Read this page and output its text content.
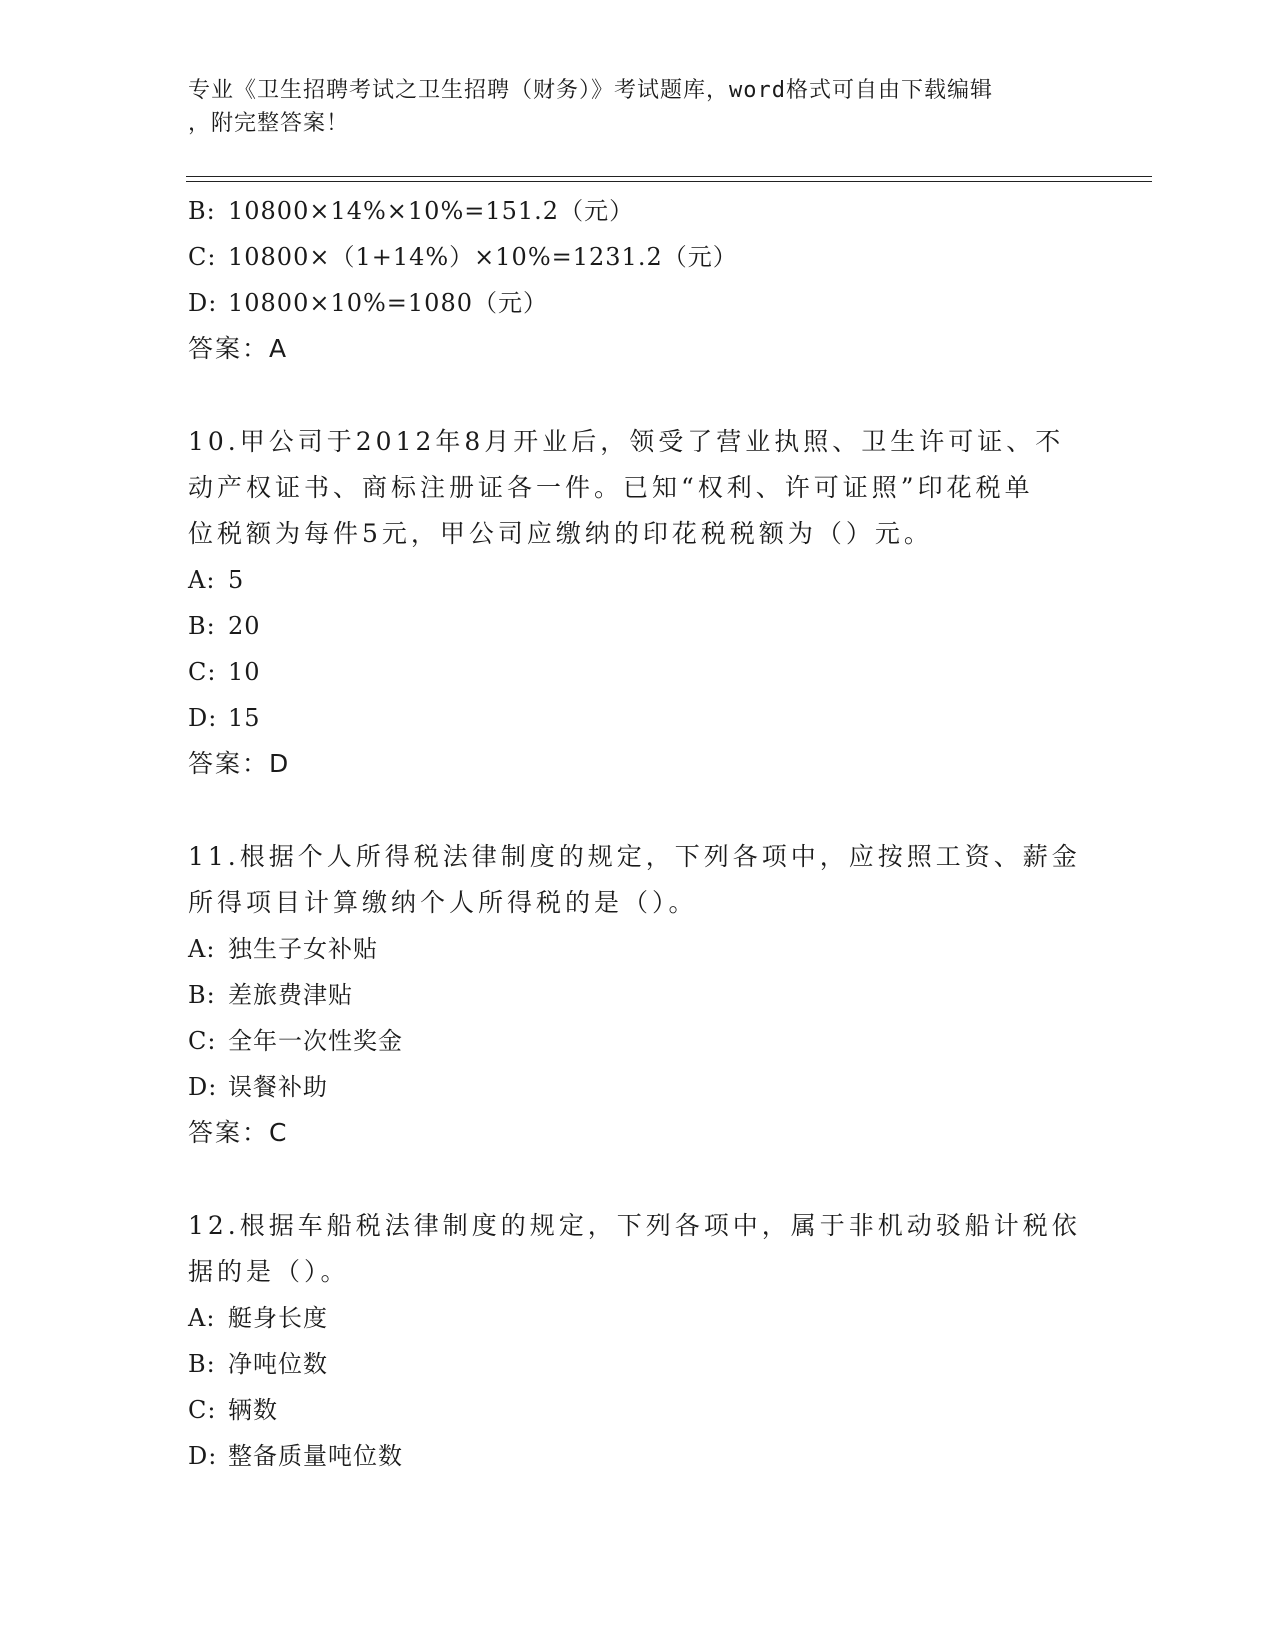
专业《卫生招聘考试之卫生招聘（财务）》考试题库，word格式可自由下载编辑
，附完整答案！
B: 10800×14%×10%=151.2（元）
C: 10800×（1+14%）×10%=1231.2（元）
D: 10800×10%=1080（元）
答案：A

10.甲公司于2012年8月开业后，领受了营业执照、卫生许可证、不
动产权证书、商标注册证各一件。已知“权利、许可证照”印花税单
位税额为每件5元，甲公司应缴纳的印花税税额为（）元。

A: 5
B: 20
C: 10
D: 15
答案：D

11.根据个人所得税法律制度的规定，下列各项中，应按照工资、薪金
所得项目计算缴纳个人所得税的是（）。

A: 独生子女补贴
B: 差旅费津贴
C: 全年一次性奖金
D: 误餐补助
答案：C

12.根据车船税法律制度的规定，下列各项中，属于非机动驳船计税依
据的是（）。

A: 艇身长度
B: 净吨位数
C: 辆数
D: 整备质量吨位数
